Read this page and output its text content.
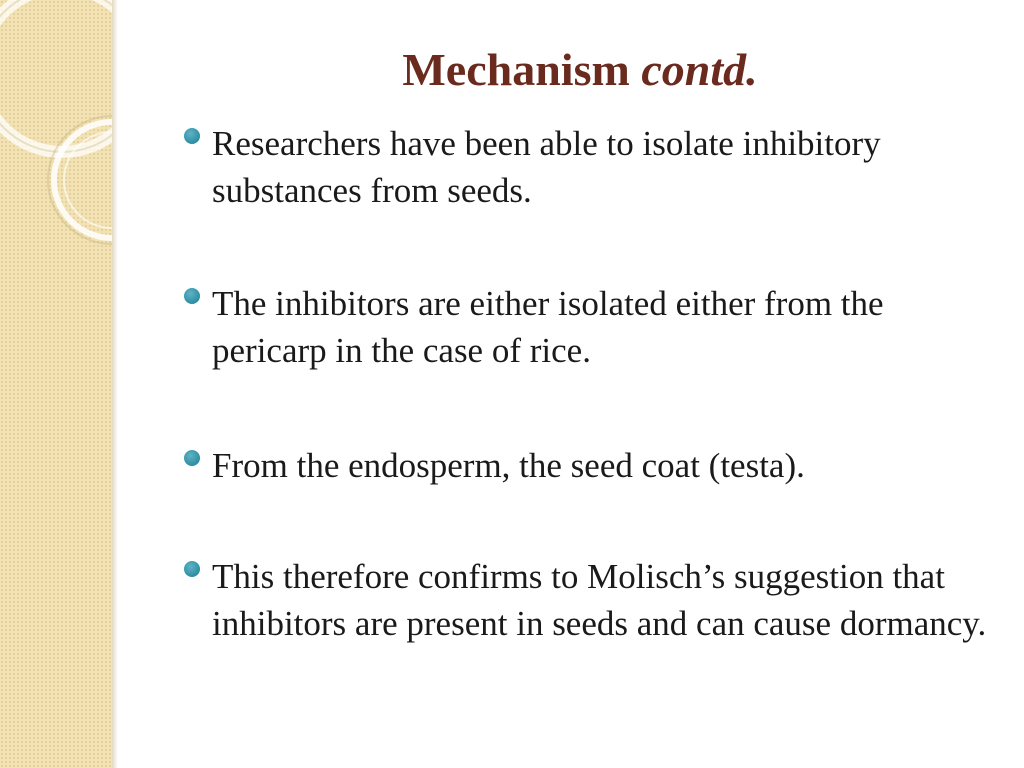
Mechanism contd.
Researchers have been able to isolate inhibitory substances from seeds.
The inhibitors are either isolated either from the pericarp in the case of rice.
From the endosperm, the seed coat (testa).
This therefore confirms to Molisch’s suggestion that inhibitors are present in seeds and can cause dormancy.
